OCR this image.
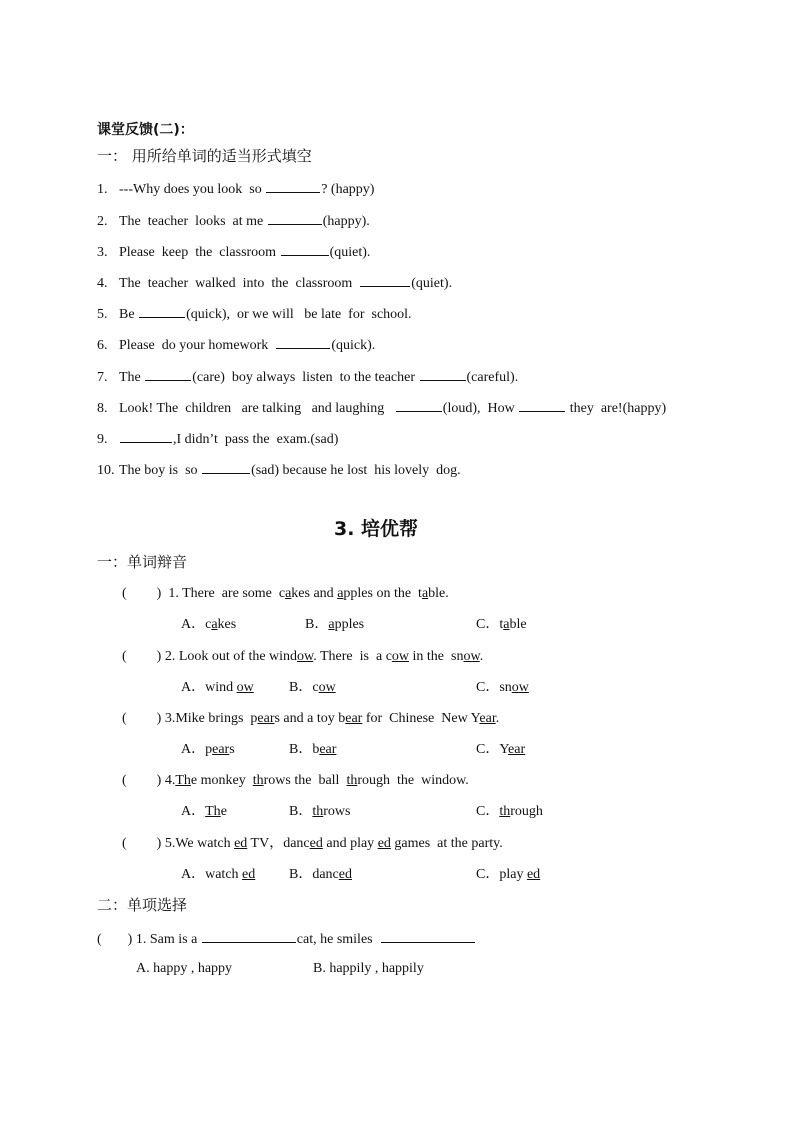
课堂反馈(二)：
一： 用所给单词的适当形式填空
1. ---Why does you look  so	? (happy)
2. The  teacher  looks  at me	(happy).
3. Please  keep  the  classroom	(quiet).
4. The  teacher  walked  into  the  classroom	(quiet).
5. Be	(quick),  or we will   be late  for  school.
6. Please  do your homework	(quick).
7. The	(care)  boy always  listen  to the teacher	(careful).
8. Look! The  children   are talking   and laughing	(loud),  How	they  are!(happy)
9.	,I didn’t  pass the  exam.(sad)
10. The boy is  so	(sad) because he lost  his lovely  dog.
3. 培优帮
一：单词辩音
( )  1. There  are some  cakes and apples on the  table.
A．cakes	B．apples	C．table
( ) 2. Look out of the window. There  is  a cow in the  snow.
A．wind ow	B．cow	C．snow
( ) 3.Mike brings  pears and a toy bear for  Chinese  New Year.
A．pears	B．bear	C．Year
( ) 4.The monkey  throws the  ball  through  the  window.
A．The	B．throws	C．through
( ) 5.We watch ed TV，danced and play ed games  at the party.
A．watch ed B．danced	C．play ed
二：单项选择
( ) 1. Sam is a	cat, he smiles
A. happy , happy	B. happily , happily
